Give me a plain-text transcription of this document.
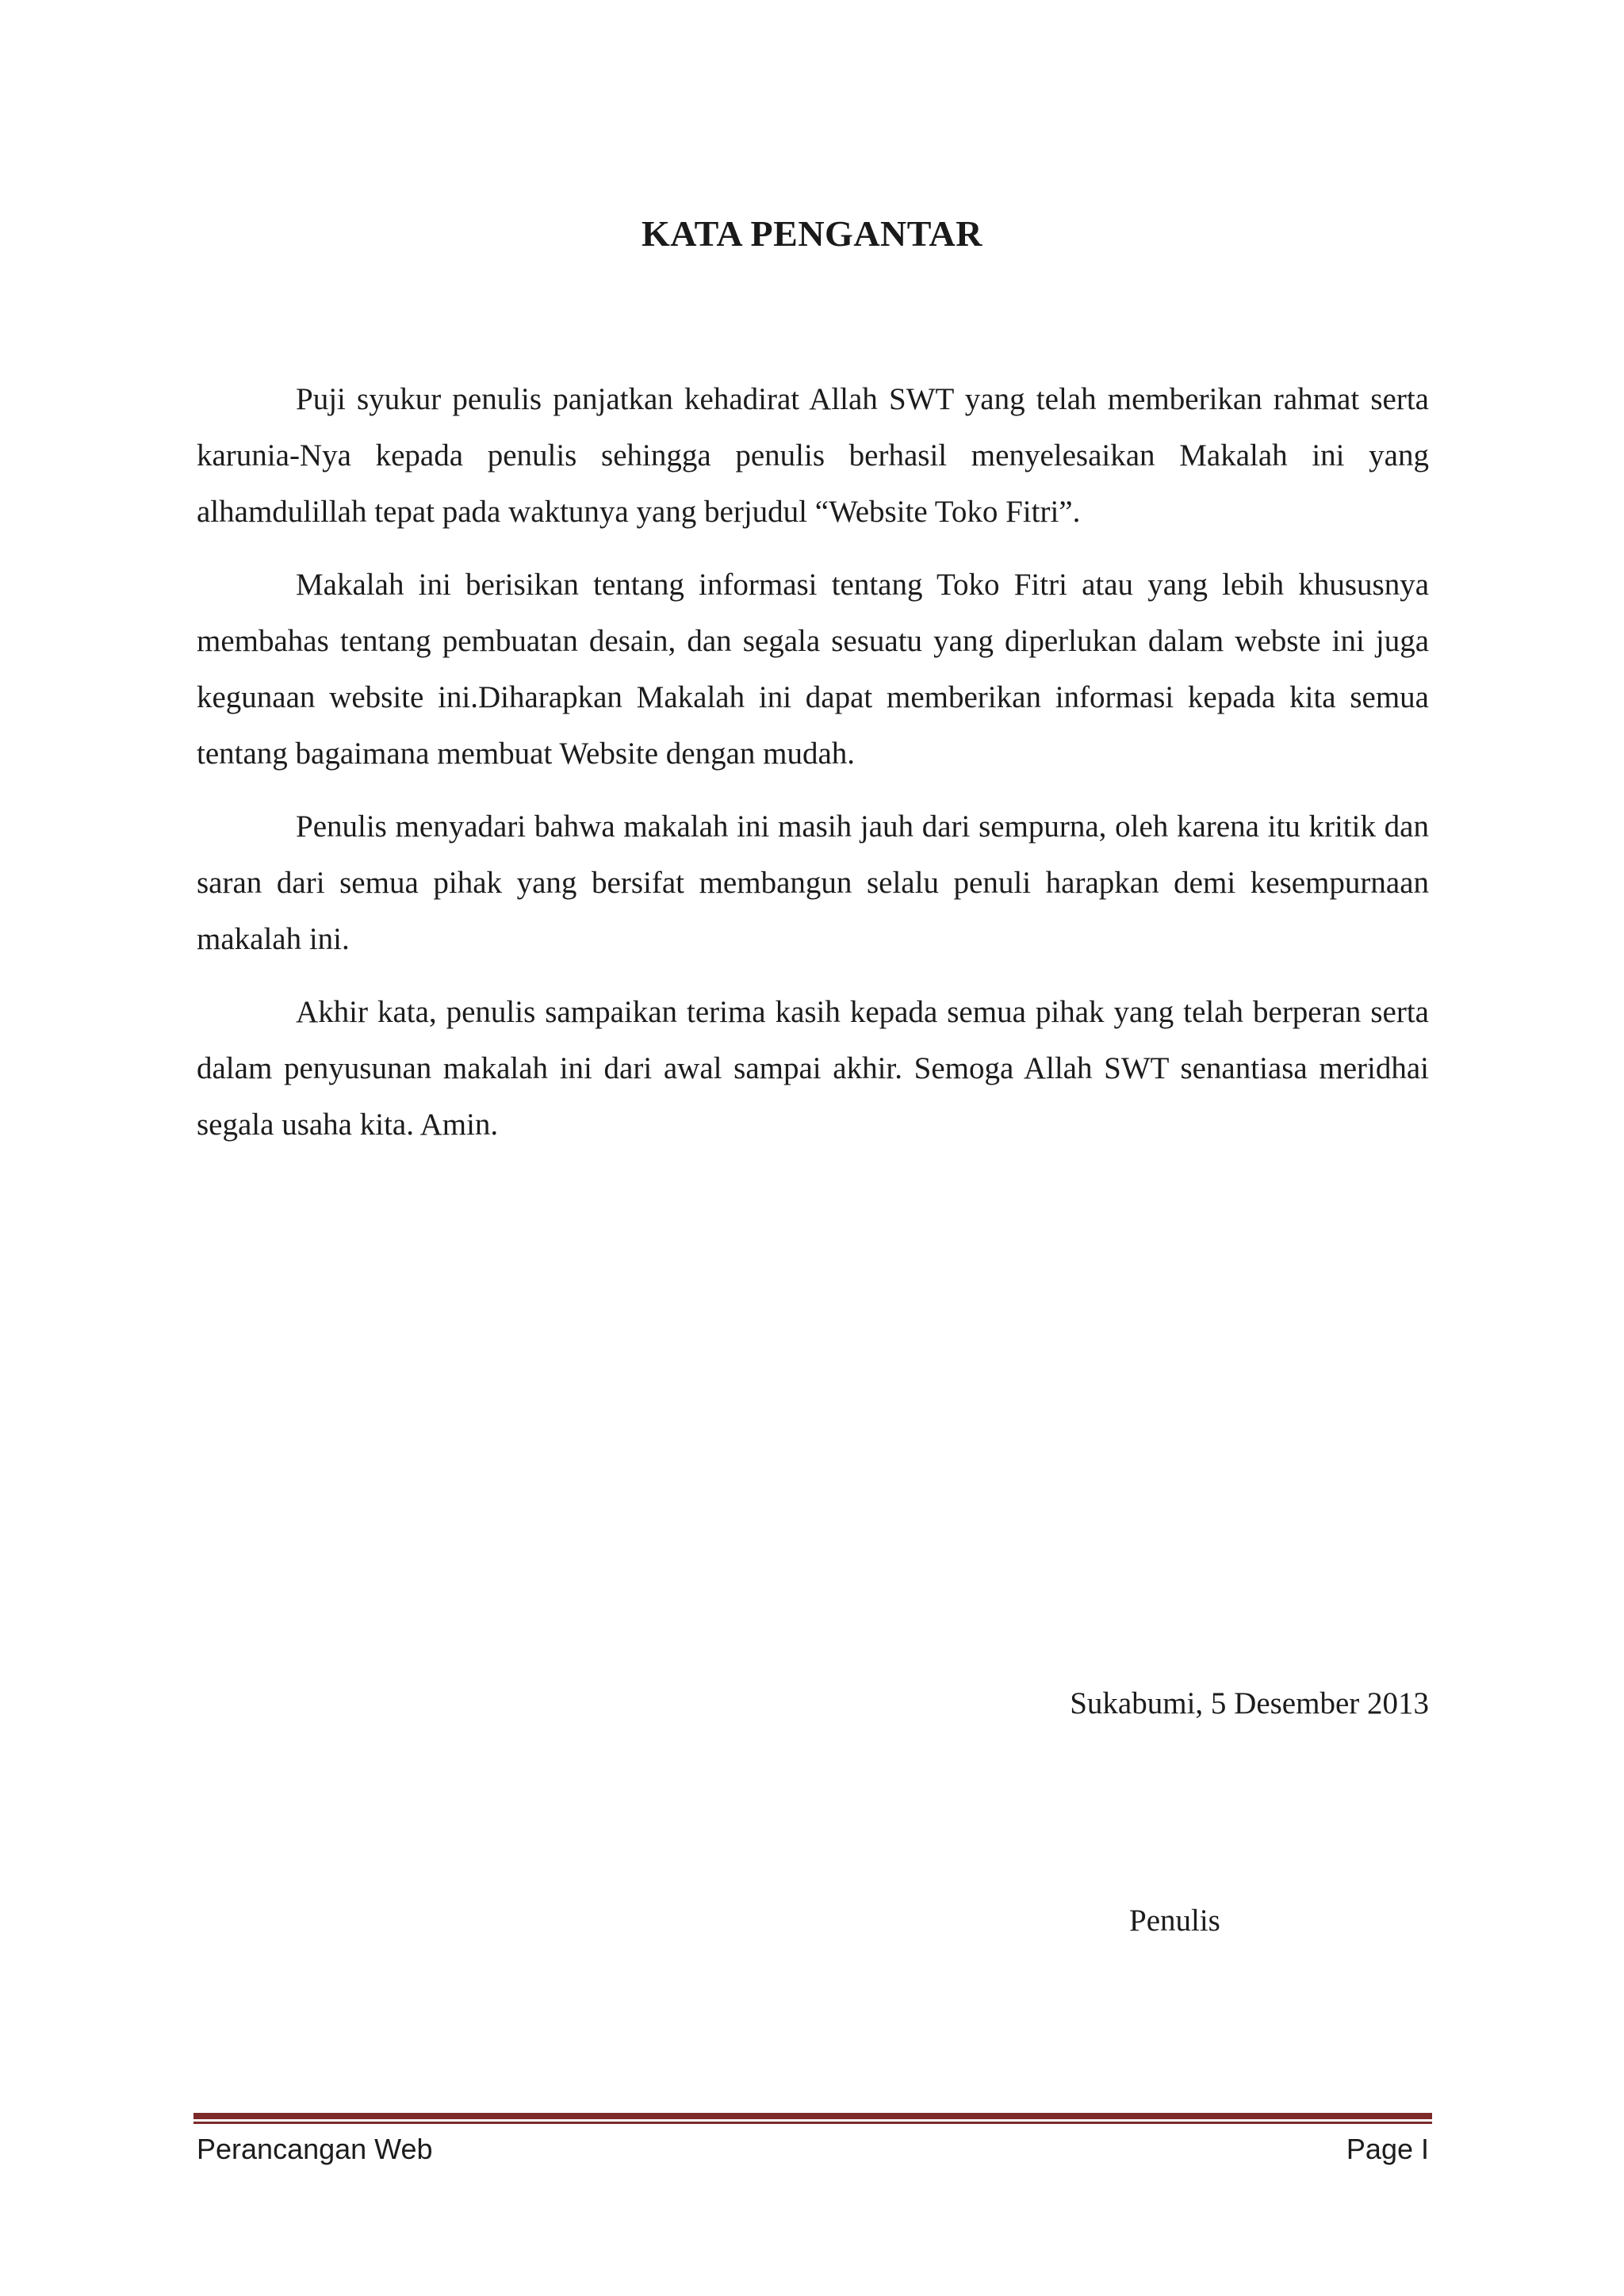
KATA PENGANTAR

Puji syukur penulis panjatkan kehadirat Allah SWT yang telah memberikan rahmat serta karunia-Nya kepada penulis sehingga penulis berhasil menyelesaikan Makalah ini yang alhamdulillah tepat pada waktunya yang berjudul “Website Toko Fitri”.

Makalah ini berisikan tentang informasi tentang Toko Fitri atau yang lebih khususnya membahas tentang pembuatan desain, dan segala sesuatu yang diperlukan dalam webste ini juga kegunaan website ini.Diharapkan Makalah ini dapat memberikan informasi kepada kita semua tentang bagaimana membuat Website dengan mudah.

Penulis menyadari bahwa makalah ini masih jauh dari sempurna, oleh karena itu kritik dan saran dari semua pihak yang bersifat membangun selalu penuli harapkan demi kesempurnaan makalah ini.

Akhir kata, penulis sampaikan terima kasih kepada semua pihak yang telah berperan serta dalam penyusunan makalah ini dari awal sampai akhir. Semoga Allah SWT senantiasa meridhai segala usaha kita. Amin.

Sukabumi, 5 Desember 2013
Penulis
Perancangan Web	Page I
